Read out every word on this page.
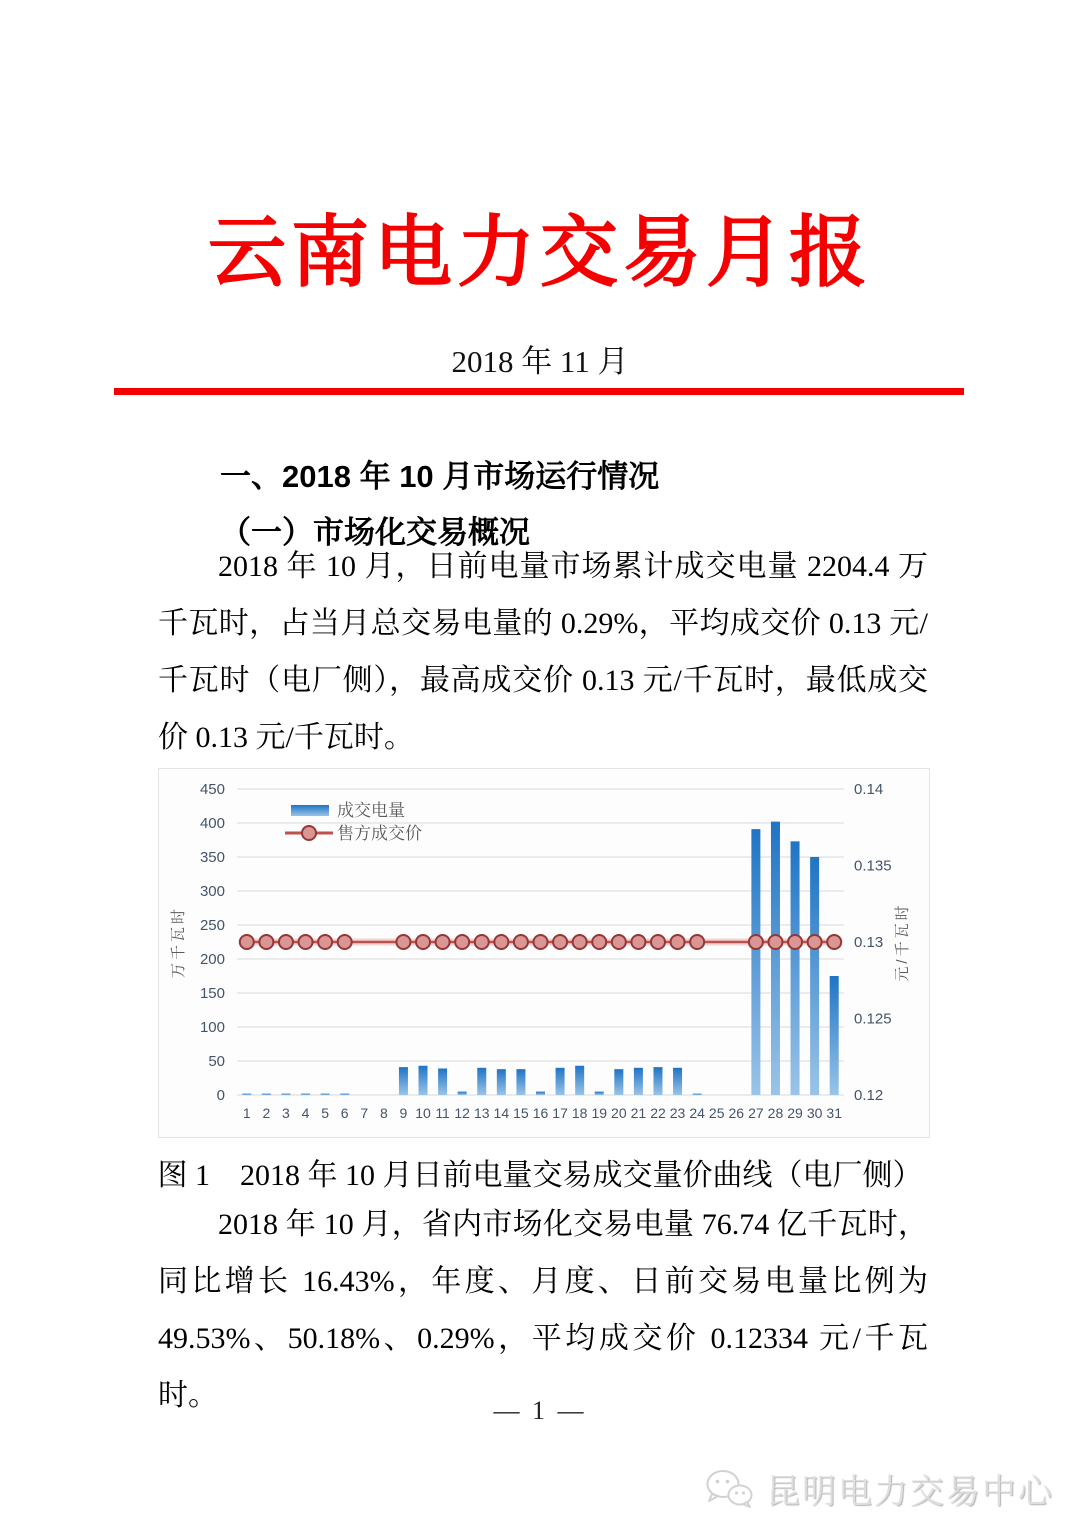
云南电力交易月报
2018 年 11 月
一、2018 年 10 月市场运行情况
（一）市场化交易概况

2018 年 10 月，日前电量市场累计成交电量 2204.4 万千瓦时，占当月总交易电量的 0.29%，平均成交价 0.13 元/千瓦时（电厂侧），最高成交价 0.13 元/千瓦时，最低成交价 0.13 元/千瓦时。

0
50
100
150
200
250
300
350
400
450
0.12
0.125
0.13
0.135
0.14
1 2 3 4 5 6 7 8 9 10 11 12 13 14 15 16 17 18 19 20 21 22 23 24 25 26 27 28 29 30 31
万千瓦时	元/千瓦时
成交电量
售方成交价
图 1　2018 年 10 月日前电量交易成交量价曲线（电厂侧）

2018 年 10 月，省内市场化交易电量 76.74 亿千瓦时，同比增长 16.43%，年度、月度、日前交易电量比例为 49.53%、50.18%、0.29%，平均成交价 0.12334 元/千瓦时。	— 1 —
昆明电力交易中心
